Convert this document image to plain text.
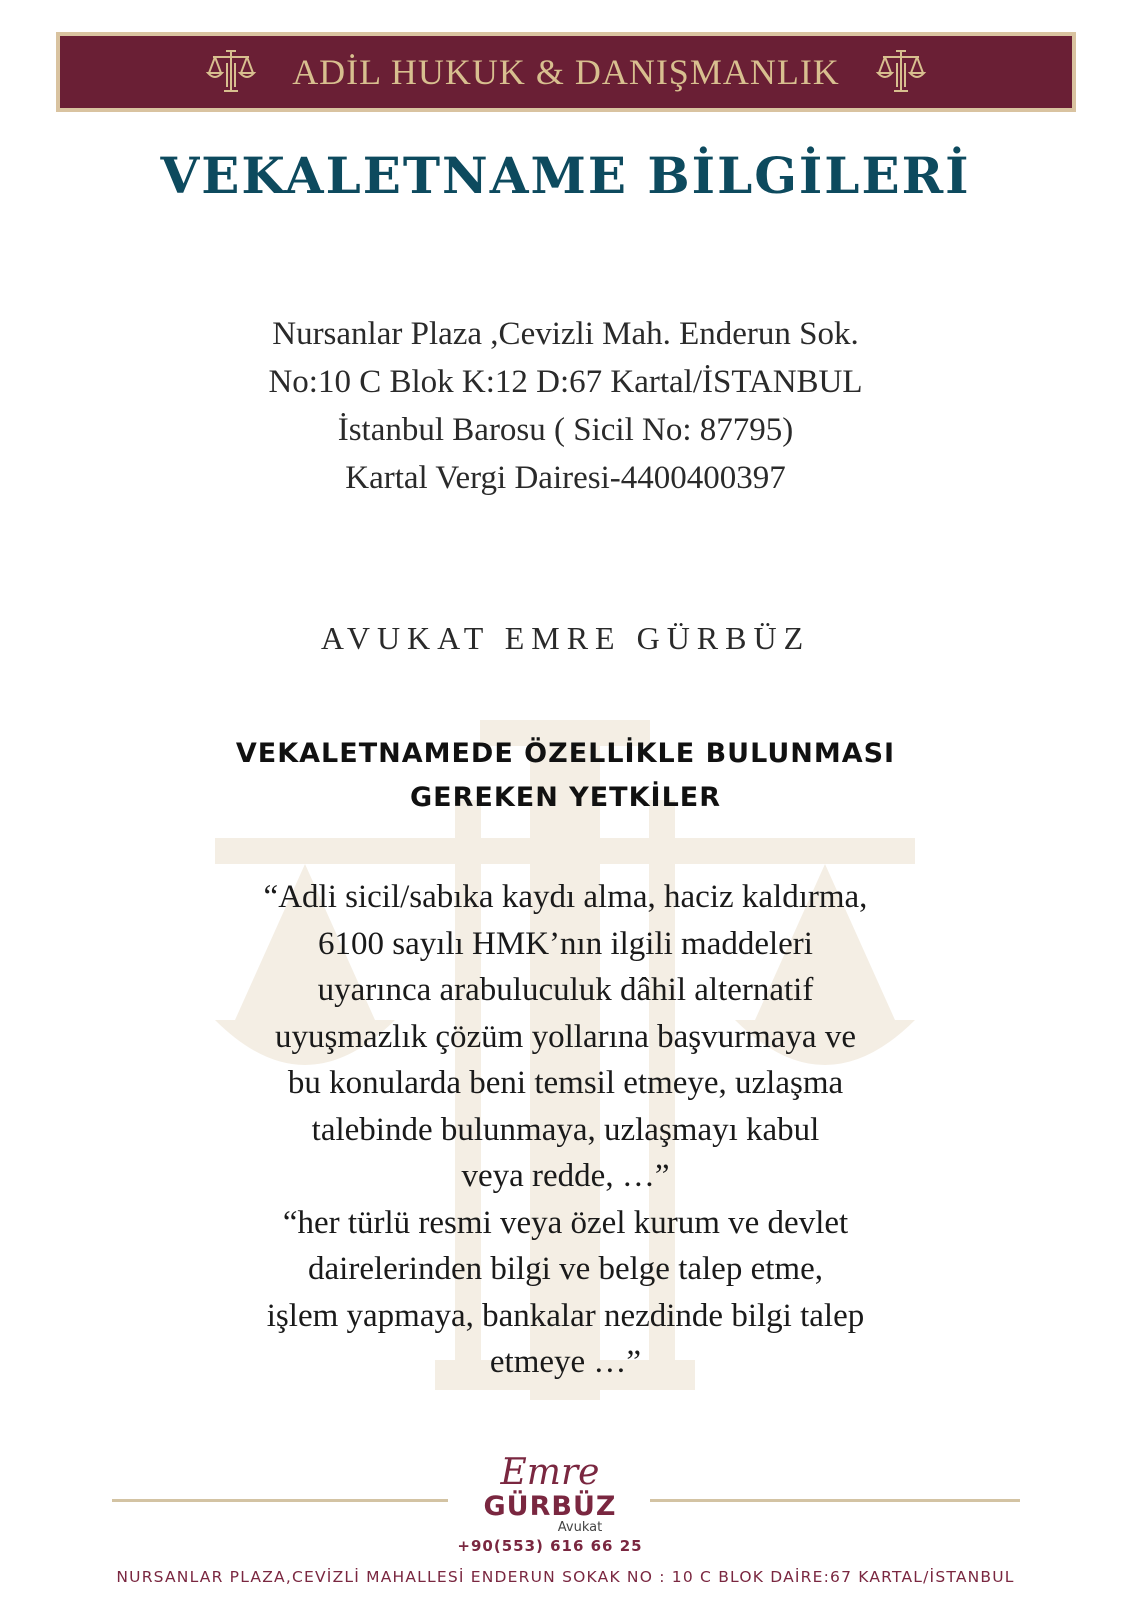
ADİL HUKUK & DANIŞMANLIK
VEKALETNAME BİLGİLERİ
Nursanlar Plaza ,Cevizli Mah. Enderun Sok.
No:10 C Blok K:12 D:67 Kartal/İSTANBUL
İstanbul Barosu ( Sicil No: 87795)
Kartal Vergi Dairesi-4400400397
AVUKAT EMRE GÜRBÜZ
VEKALETNAMEDE ÖZELLİKLE BULUNMASI
GEREKEN YETKİLER
“Adli sicil/sabıka kaydı alma, haciz kaldırma,
6100 sayılı HMK’nın ilgili maddeleri
uyarınca arabuluculuk dâhil alternatif
uyuşmazlık çözüm yollarına başvurmaya ve
bu konularda beni temsil etmeye, uzlaşma
talebinde bulunmaya, uzlaşmayı kabul
veya redde, …”
“her türlü resmi veya özel kurum ve devlet
dairelerinden bilgi ve belge talep etme,
işlem yapmaya, bankalar nezdinde bilgi talep
etmeye …”
Emre
GÜRBÜZ
Avukat
+90(553) 616 66 25
NURSANLAR PLAZA,CEVİZLİ MAHALLESİ ENDERUN SOKAK NO : 10 C BLOK DAİRE:67 KARTAL/İSTANBUL
